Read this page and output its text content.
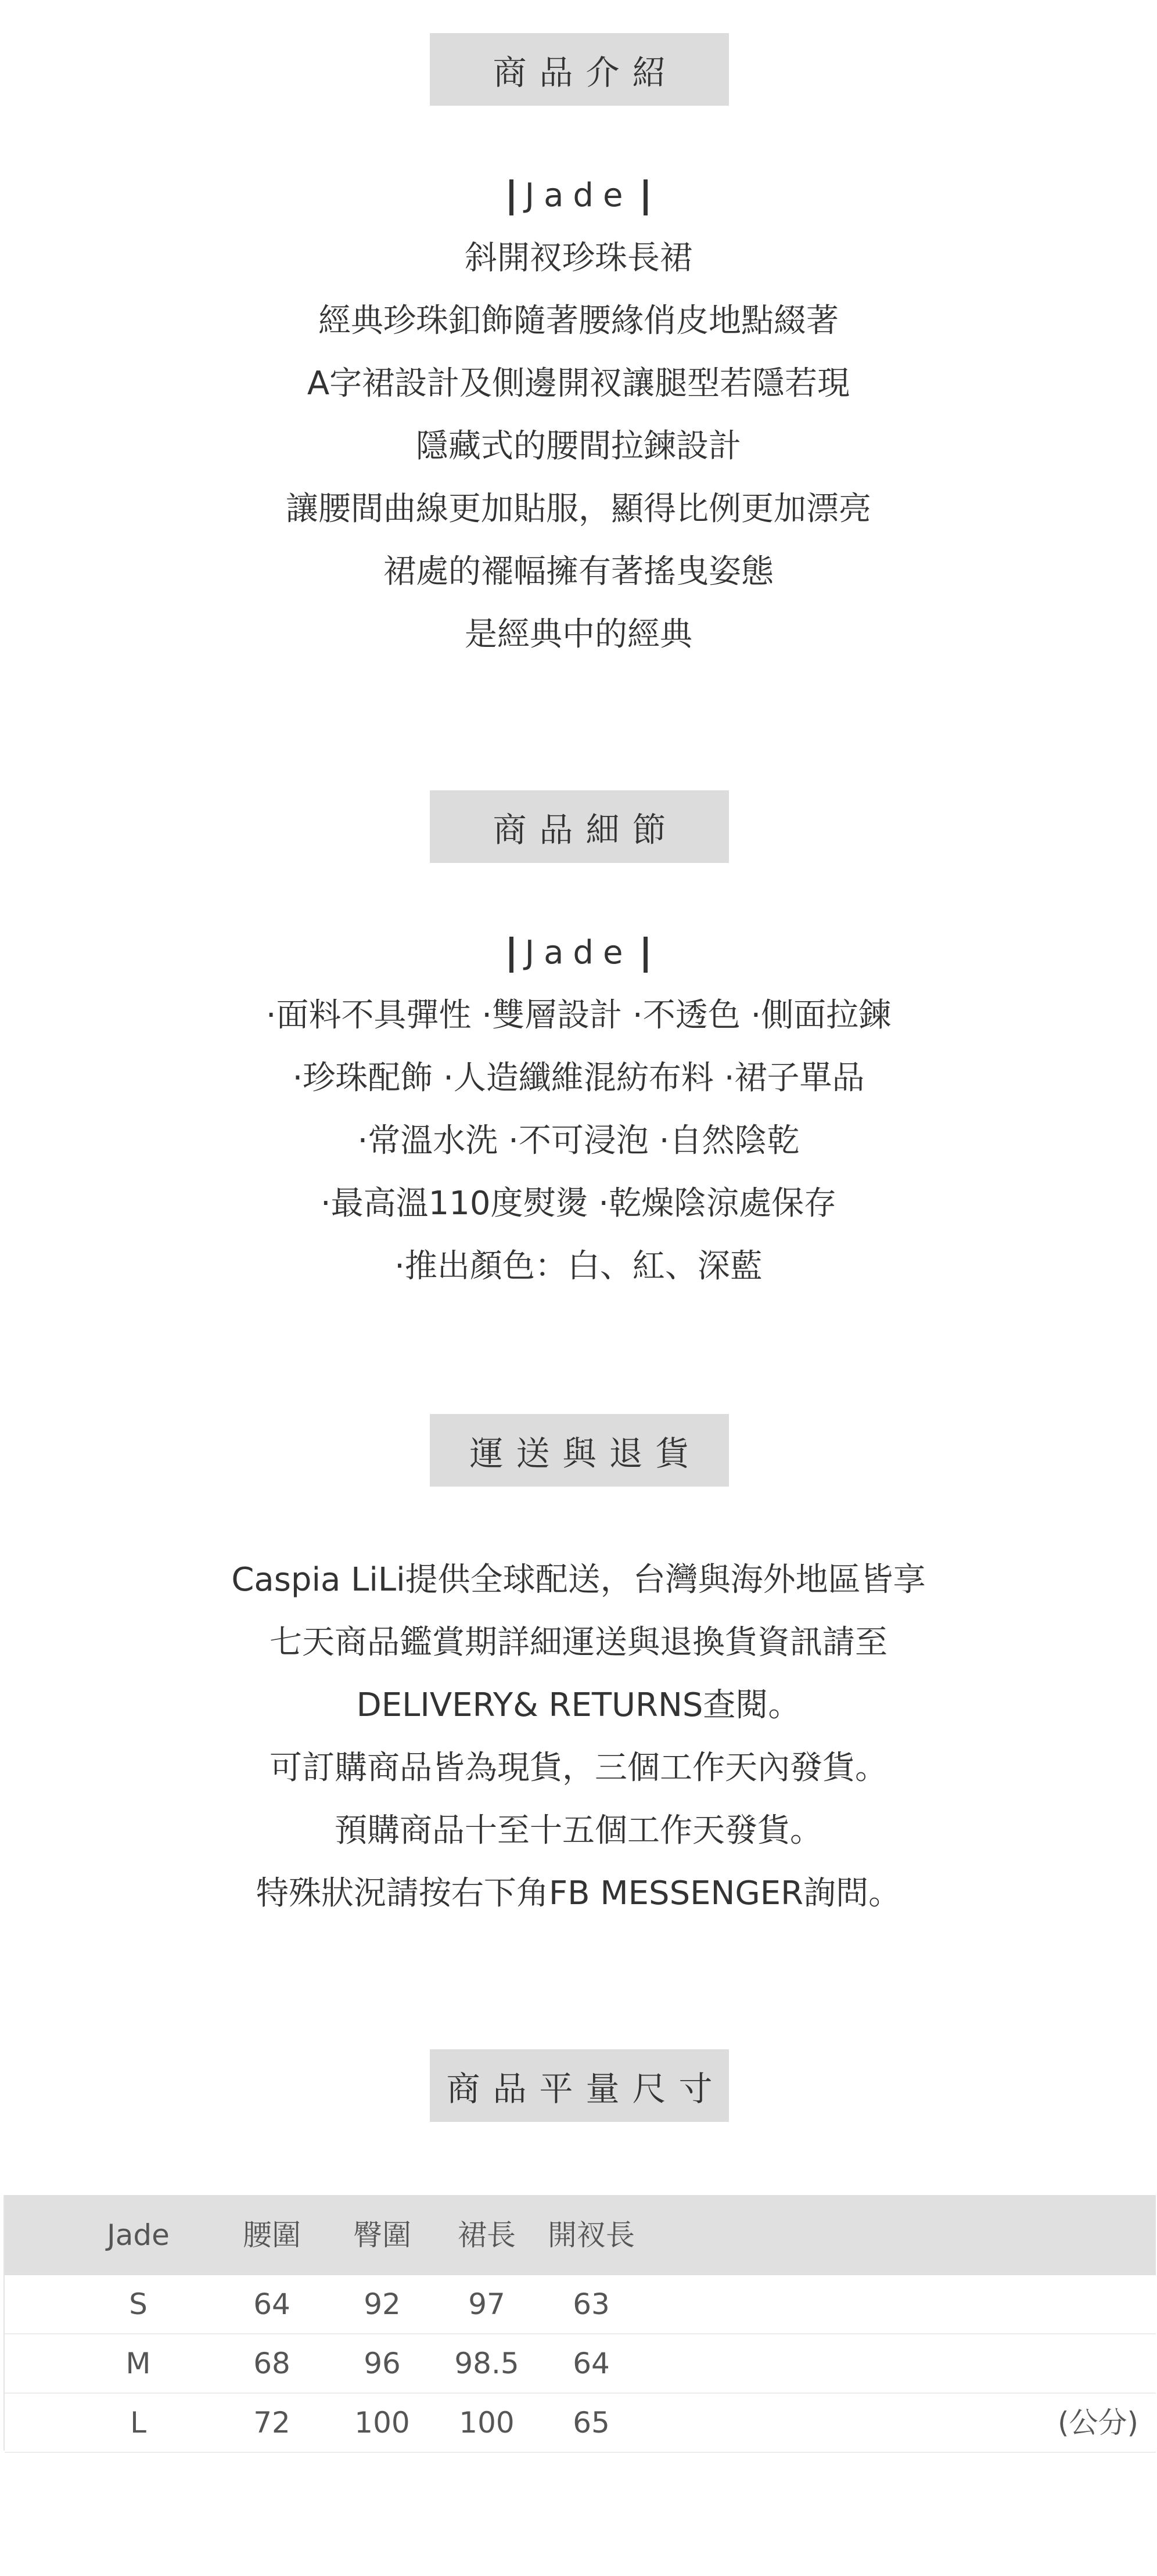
商品介紹
Jade
斜開衩珍珠長裙
經典珍珠釦飾隨著腰緣俏皮地點綴著
A字裙設計及側邊開衩讓腿型若隱若現
隱藏式的腰間拉鍊設計
讓腰間曲線更加貼服，顯得比例更加漂亮
裙處的襬幅擁有著搖曳姿態
是經典中的經典
商品細節
Jade
·面料不具彈性 ·雙層設計 ·不透色 ·側面拉鍊
·珍珠配飾 ·人造纖維混紡布料 ·裙子單品
·常溫水洗 ·不可浸泡 ·自然陰乾
·最高溫110度熨燙 ·乾燥陰涼處保存
·推出顏色：白、紅、深藍
運送與退貨
Caspia LiLi提供全球配送，台灣與海外地區皆享
七天商品鑑賞期詳細運送與退換貨資訊請至
DELIVERY& RETURNS查閱。
可訂購商品皆為現貨，三個工作天內發貨。
預購商品十至十五個工作天發貨。
特殊狀況請按右下角FB MESSENGER詢問。
商品平量尺寸
Jade	腰圍	臀圍	裙長	開衩長
S	64	92	97	63
M	68	96	98.5	64
L	72	100	100	65	(公分)
